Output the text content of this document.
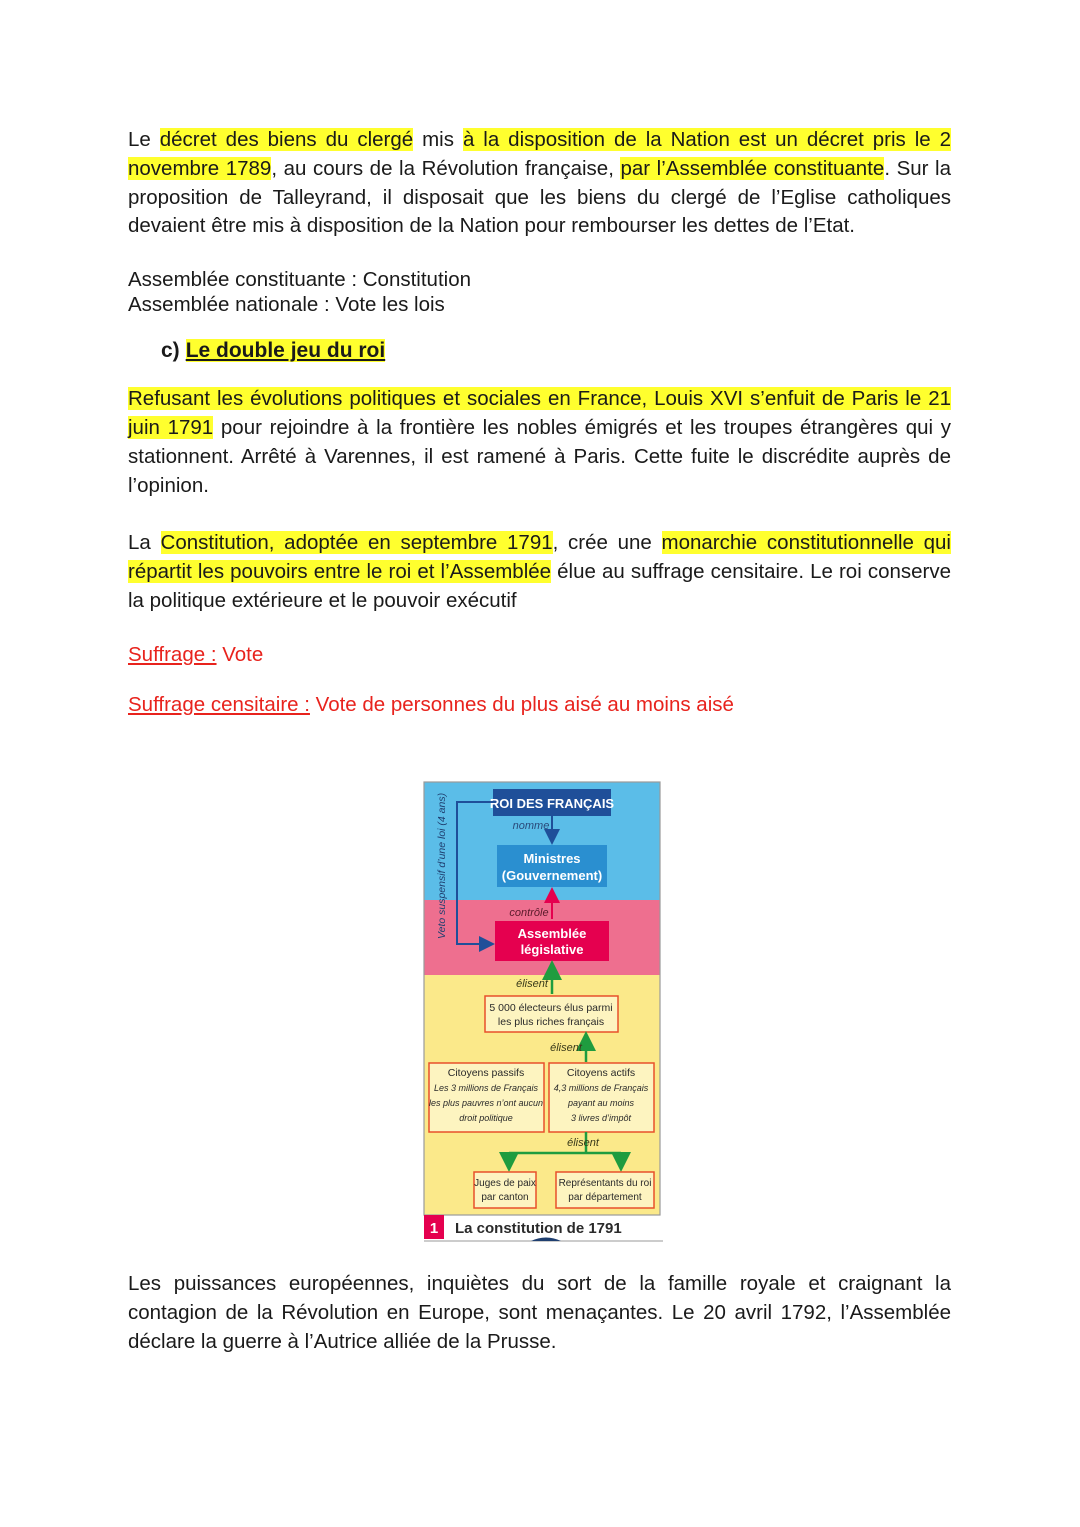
Le décret des biens du clergé mis à la disposition de la Nation est un décret pris le 2 novembre 1789, au cours de la Révolution française, par l’Assemblée constituante. Sur la proposition de Talleyrand, il disposait que les biens du clergé de l’Eglise catholiques devaient être mis à disposition de la Nation pour rembourser les dettes de l’Etat.

Assemblée constituante : Constitution

Assemblée nationale : Vote les lois

c) Le double jeu du roi

Refusant les évolutions politiques et sociales en France, Louis XVI s’enfuit de Paris le 21 juin 1791 pour rejoindre à la frontière les nobles émigrés et les troupes étrangères qui y stationnent. Arrêté à Varennes, il est ramené à Paris. Cette fuite le discrédite auprès de l’opinion.

La Constitution, adoptée en septembre 1791, crée une monarchie constitutionnelle qui répartit les pouvoirs entre le roi et l’Assemblée élue au suffrage censitaire. Le roi conserve la politique extérieure et le pouvoir exécutif

Suffrage : Vote

Suffrage censitaire : Vote de personnes du plus aisé au moins aisé

ROI DES FRANÇAIS
nomme
Ministres
(Gouvernement)
contrôle
Assemblée
législative
Veto suspensif d’une loi (4 ans)
élisent
5 000 électeurs élus parmi
les plus riches français
élisent
Citoyens passifs
Les 3 millions de Français
les plus pauvres n’ont aucun
droit politique
Citoyens actifs
4,3 millions de Français
payant au moins
3 livres d’impôt
élisent
Juges de paix
par canton
Représentants du roi
par département
1 La constitution de 1791

Les puissances européennes, inquiètes du sort de la famille royale et craignant la contagion de la Révolution en Europe, sont menaçantes. Le 20 avril 1792, l’Assemblée déclare la guerre à l’Autrice alliée de la Prusse.
